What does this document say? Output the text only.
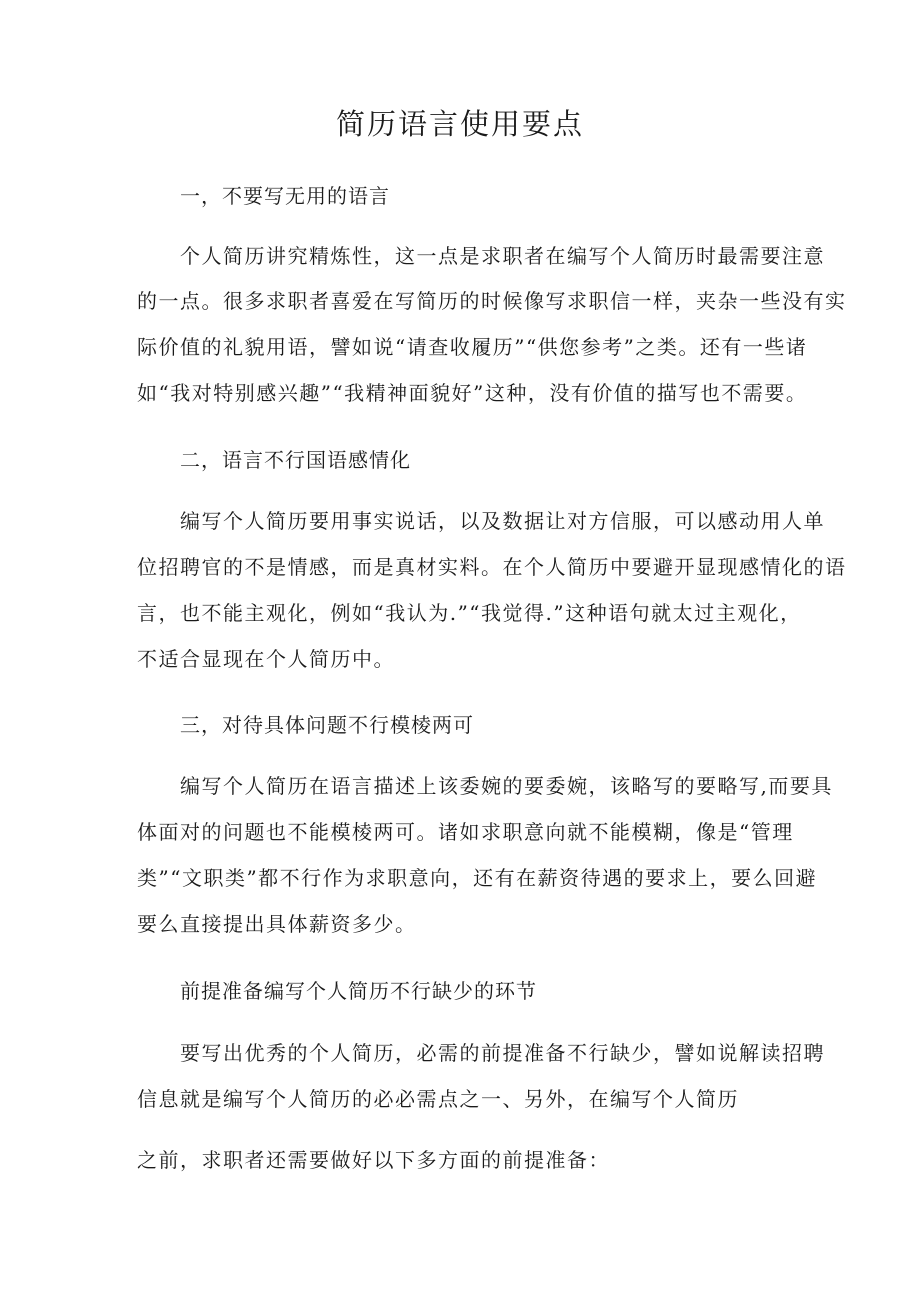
简历语言使用要点

一，不要写无用的语言

个人简历讲究精炼性，这一点是求职者在编写个人简历时最需要注意

的一点。很多求职者喜爱在写简历的时候像写求职信一样，夹杂一些没有实

际价值的礼貌用语，譬如说“请查收履历”“供您参考”之类。还有一些诸

如“我对特别感兴趣”“我精神面貌好”这种，没有价值的描写也不需要。

二，语言不行国语感情化

编写个人简历要用事实说话，以及数据让对方信服，可以感动用人单

位招聘官的不是情感，而是真材实料。在个人简历中要避开显现感情化的语

言，也不能主观化，例如“我认为.”“我觉得.”这种语句就太过主观化，

不适合显现在个人简历中。

三，对待具体问题不行模棱两可

编写个人简历在语言描述上该委婉的要委婉，该略写的要略写,而要具

体面对的问题也不能模棱两可。诸如求职意向就不能模糊，像是“管理

类”“文职类”都不行作为求职意向，还有在薪资待遇的要求上，要么回避

要么直接提出具体薪资多少。

前提准备编写个人简历不行缺少的环节

要写出优秀的个人简历，必需的前提准备不行缺少，譬如说解读招聘

信息就是编写个人简历的必必需点之一、另外，在编写个人简历

之前，求职者还需要做好以下多方面的前提准备：
